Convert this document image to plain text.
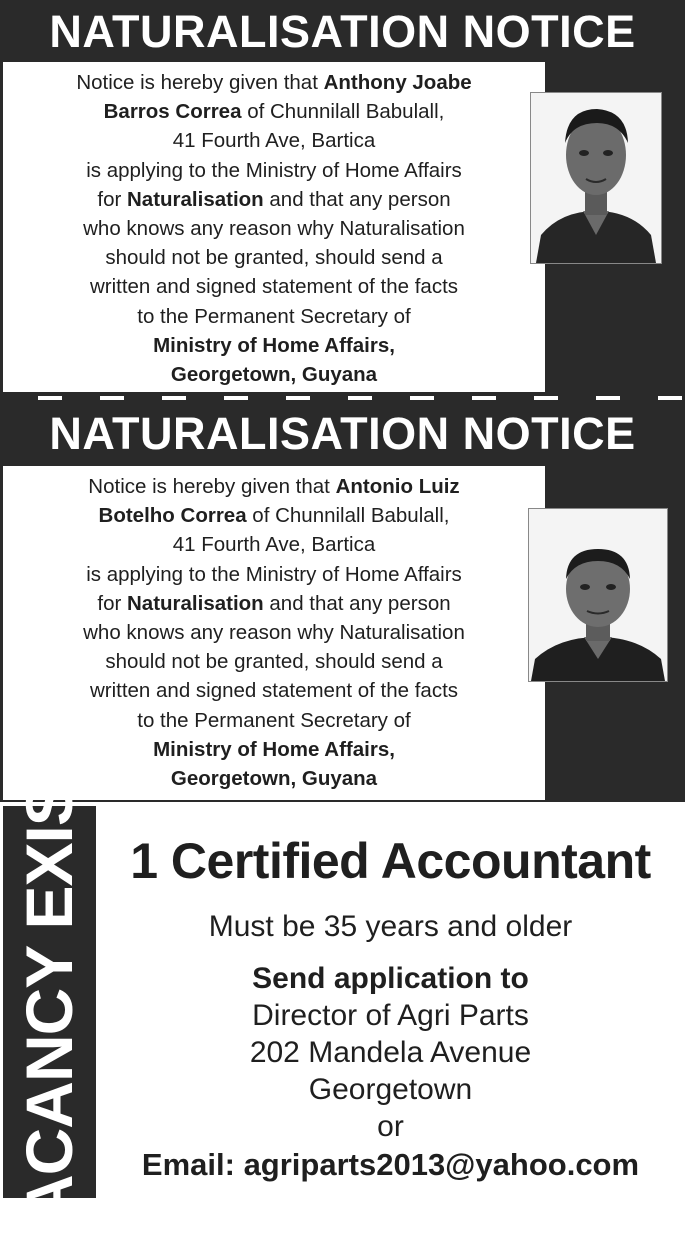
NATURALISATION NOTICE

Notice is hereby given that Anthony Joabe
Barros Correa of Chunnilall Babulall,
41 Fourth Ave, Bartica
is applying to the Ministry of Home Affairs
for Naturalisation and that any person
who knows any reason why Naturalisation
should not be granted, should send a
written and signed statement of the facts
to the Permanent Secretary of
Ministry of Home Affairs,
Georgetown, Guyana

NATURALISATION NOTICE

Notice is hereby given that Antonio Luiz
Botelho Correa of Chunnilall Babulall,
41 Fourth Ave, Bartica
is applying to the Ministry of Home Affairs
for Naturalisation and that any person
who knows any reason why Naturalisation
should not be granted, should send a
written and signed statement of the facts
to the Permanent Secretary of
Ministry of Home Affairs,
Georgetown, Guyana

VACANCY EXIST 1 Certified Accountant
Must be 35 years and older
Send application to
Director of Agri Parts
202 Mandela Avenue
Georgetown
or
Email: agriparts2013@yahoo.com
